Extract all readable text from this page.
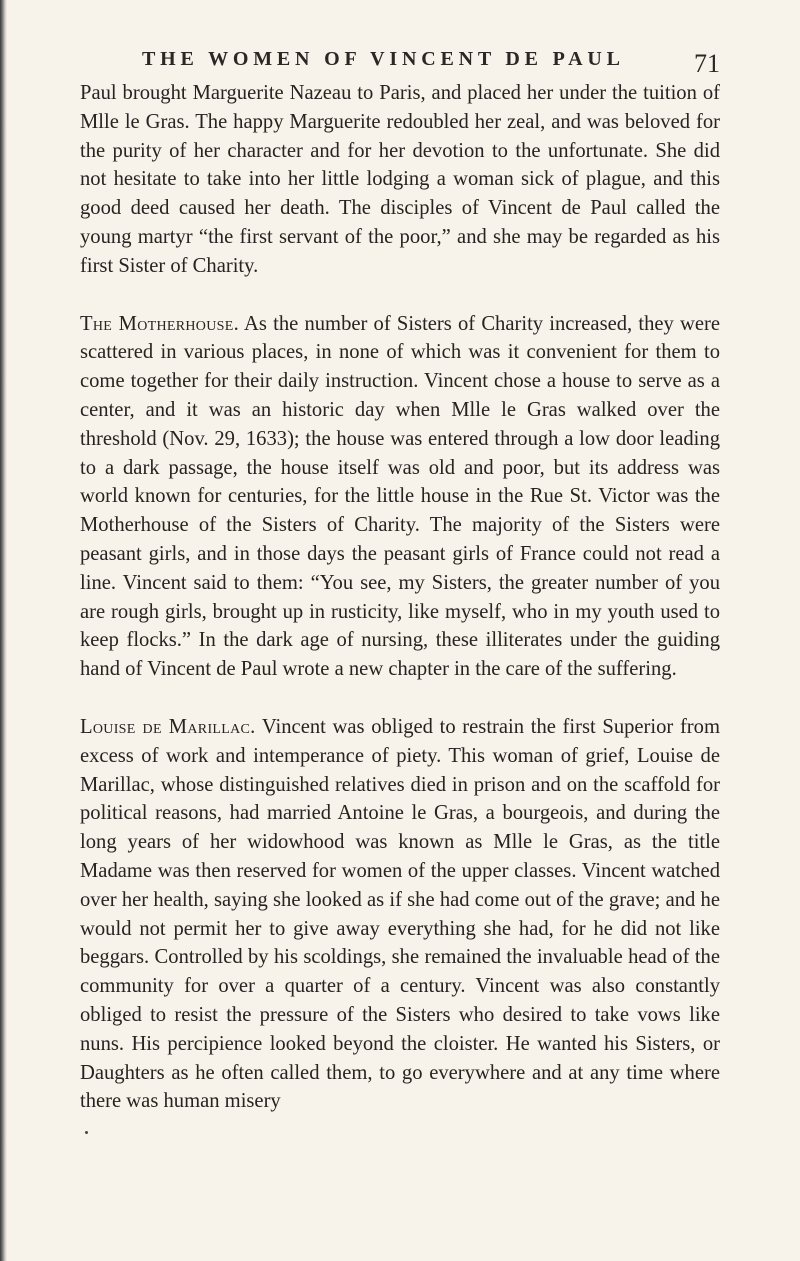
THE WOMEN OF VINCENT DE PAUL	71

Paul brought Marguerite Nazeau to Paris, and placed her under the tuition of Mlle le Gras. The happy Marguerite redoubled her zeal, and was beloved for the purity of her character and for her devotion to the unfortunate. She did not hesitate to take into her little lodging a woman sick of plague, and this good deed caused her death. The disciples of Vincent de Paul called the young martyr “the first servant of the poor,” and she may be regarded as his first Sister of Charity.

The Motherhouse. As the number of Sisters of Charity increased, they were scattered in various places, in none of which was it convenient for them to come together for their daily instruction. Vincent chose a house to serve as a center, and it was an historic day when Mlle le Gras walked over the threshold (Nov. 29, 1633); the house was entered through a low door leading to a dark passage, the house itself was old and poor, but its address was world known for centuries, for the little house in the Rue St. Victor was the Motherhouse of the Sisters of Charity. The majority of the Sisters were peasant girls, and in those days the peasant girls of France could not read a line. Vincent said to them: “You see, my Sisters, the greater number of you are rough girls, brought up in rusticity, like myself, who in my youth used to keep flocks.” In the dark age of nursing, these illiterates under the guiding hand of Vincent de Paul wrote a new chapter in the care of the suffering.

Louise de Marillac. Vincent was obliged to restrain the first Superior from excess of work and intemperance of piety. This woman of grief, Louise de Marillac, whose distinguished relatives died in prison and on the scaffold for political reasons, had married Antoine le Gras, a bourgeois, and during the long years of her widowhood was known as Mlle le Gras, as the title Madame was then reserved for women of the upper classes. Vincent watched over her health, saying she looked as if she had come out of the grave; and he would not permit her to give away everything she had, for he did not like beggars. Controlled by his scoldings, she remained the invaluable head of the community for over a quarter of a century. Vincent was also constantly obliged to resist the pressure of the Sisters who desired to take vows like nuns. His percipience looked beyond the cloister. He wanted his Sisters, or Daughters as he often called them, to go everywhere and at any time where there was human misery
